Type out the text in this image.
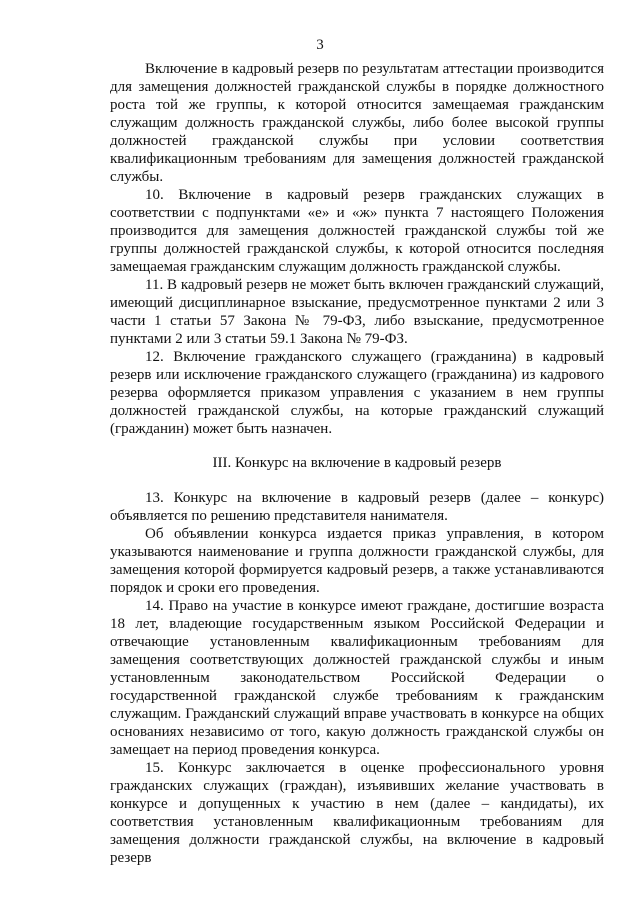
3

Включение в кадровый резерв по результатам аттестации производится для замещения должностей гражданской службы в порядке должностного роста той же группы, к которой относится замещаемая гражданским служащим должность гражданской службы, либо более высокой группы должностей гражданской службы при условии соответствия квалификационным требованиям для замещения должностей гражданской службы.

10. Включение в кадровый резерв гражданских служащих в соответствии с подпунктами «е» и «ж» пункта 7 настоящего Положения производится для замещения должностей гражданской службы той же группы должностей гражданской службы, к которой относится последняя замещаемая гражданским служащим должность гражданской службы.

11. В кадровый резерв не может быть включен гражданский служащий, имеющий дисциплинарное взыскание, предусмотренное пунктами 2 или 3 части 1 статьи 57 Закона № 79-ФЗ, либо взыскание, предусмотренное пунктами 2 или 3 статьи 59.1 Закона № 79-ФЗ.

12. Включение гражданского служащего (гражданина) в кадровый резерв или исключение гражданского служащего (гражданина) из кадрового резерва оформляется приказом управления с указанием в нем группы должностей гражданской службы, на которые гражданский служащий (гражданин) может быть назначен.

III. Конкурс на включение в кадровый резерв

13. Конкурс на включение в кадровый резерв (далее – конкурс) объявляется по решению представителя нанимателя.

Об объявлении конкурса издается приказ управления, в котором указываются наименование и группа должности гражданской службы, для замещения которой формируется кадровый резерв, а также устанавливаются порядок и сроки его проведения.

14. Право на участие в конкурсе имеют граждане, достигшие возраста 18 лет, владеющие государственным языком Российской Федерации и отвечающие установленным квалификационным требованиям для замещения соответствующих должностей гражданской службы и иным установленным законодательством Российской Федерации о государственной гражданской службе требованиям к гражданским служащим. Гражданский служащий вправе участвовать в конкурсе на общих основаниях независимо от того, какую должность гражданской службы он замещает на период проведения конкурса.

15. Конкурс заключается в оценке профессионального уровня гражданских служащих (граждан), изъявивших желание участвовать в конкурсе и допущенных к участию в нем (далее – кандидаты), их соответствия установленным квалификационным требованиям для замещения должности гражданской службы, на включение в кадровый резерв
